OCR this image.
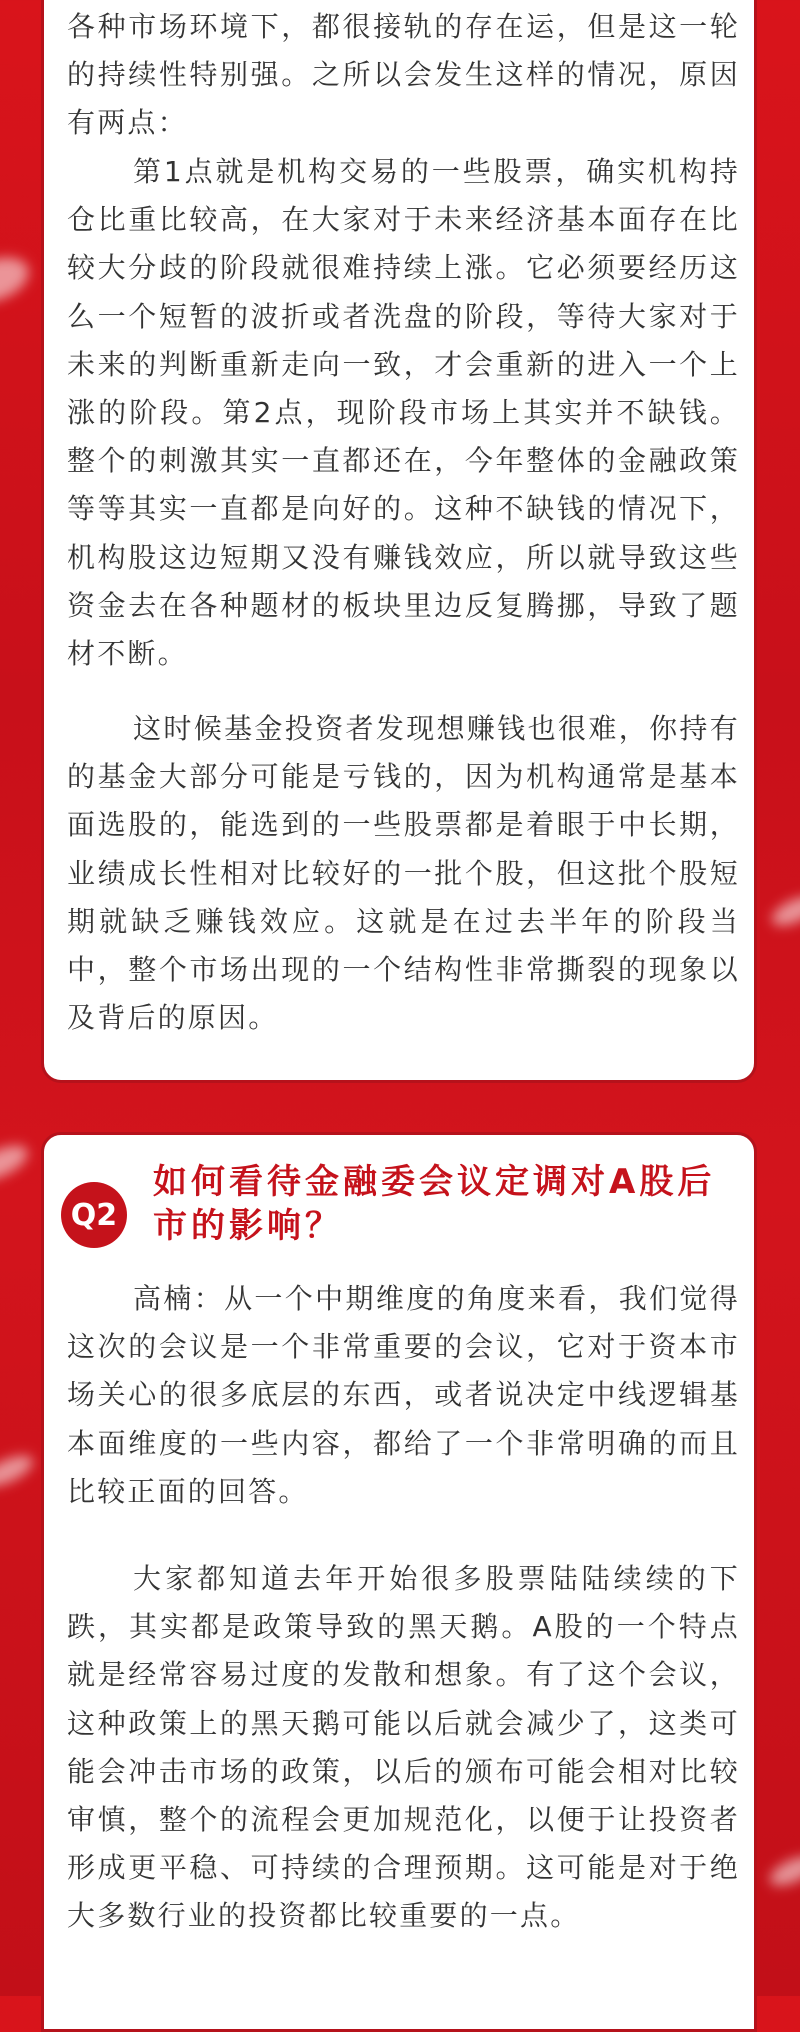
各种市场环境下，都很接轨的存在运，但是这一轮的持续性特别强。之所以会发生这样的情况，原因有两点：

第1点就是机构交易的一些股票，确实机构持仓比重比较高，在大家对于未来经济基本面存在比较大分歧的阶段就很难持续上涨。它必须要经历这么一个短暂的波折或者洗盘的阶段，等待大家对于未来的判断重新走向一致，才会重新的进入一个上涨的阶段。第2点，现阶段市场上其实并不缺钱。整个的刺激其实一直都还在，今年整体的金融政策等等其实一直都是向好的。这种不缺钱的情况下，机构股这边短期又没有赚钱效应，所以就导致这些资金去在各种题材的板块里边反复腾挪，导致了题材不断。

这时候基金投资者发现想赚钱也很难，你持有的基金大部分可能是亏钱的，因为机构通常是基本面选股的，能选到的一些股票都是着眼于中长期，业绩成长性相对比较好的一批个股，但这批个股短期就缺乏赚钱效应。这就是在过去半年的阶段当中，整个市场出现的一个结构性非常撕裂的现象以及背后的原因。

Q2
如何看待金融委会议定调对A股后市的影响？

高楠：从一个中期维度的角度来看，我们觉得这次的会议是一个非常重要的会议，它对于资本市场关心的很多底层的东西，或者说决定中线逻辑基本面维度的一些内容，都给了一个非常明确的而且比较正面的回答。

大家都知道去年开始很多股票陆陆续续的下跌，其实都是政策导致的黑天鹅。A股的一个特点就是经常容易过度的发散和想象。有了这个会议，这种政策上的黑天鹅可能以后就会减少了，这类可能会冲击市场的政策，以后的颁布可能会相对比较审慎，整个的流程会更加规范化，以便于让投资者形成更平稳、可持续的合理预期。这可能是对于绝大多数行业的投资都比较重要的一点。
